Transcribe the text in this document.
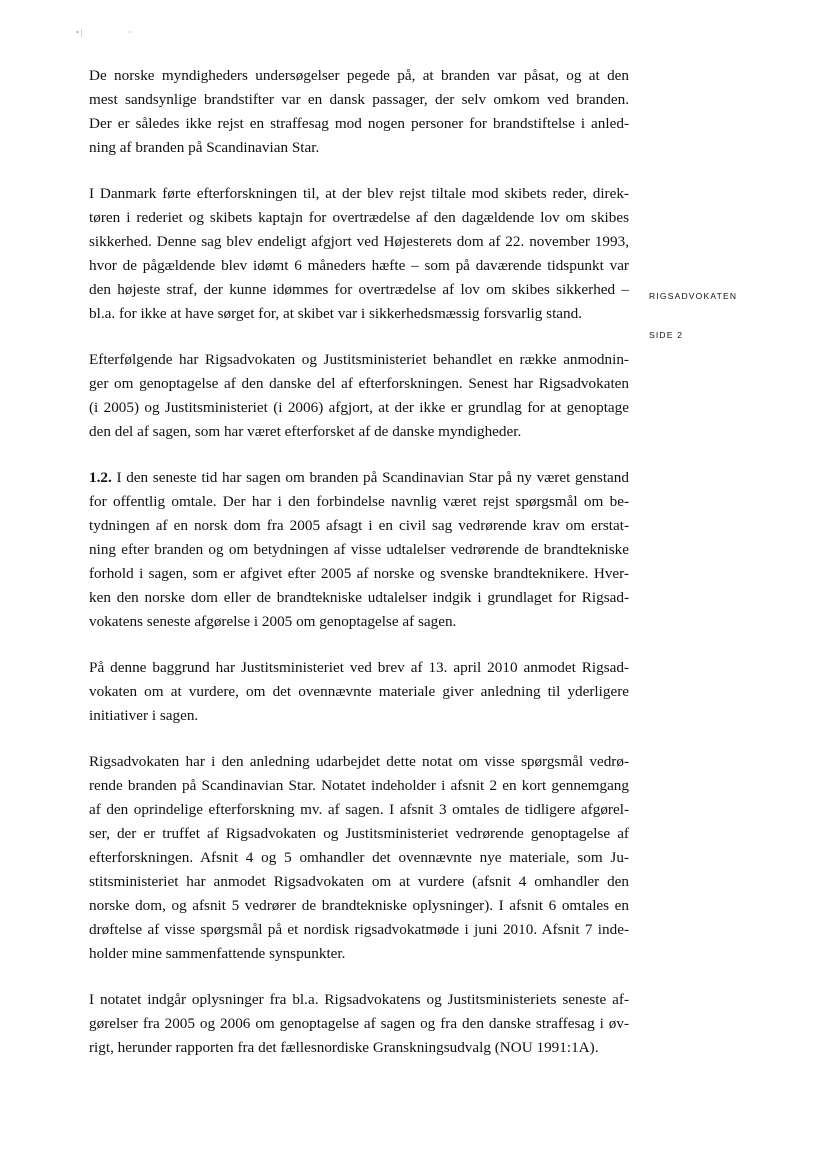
• |	··
RIGSADVOKATEN
SIDE 2

De norske myndigheders undersøgelser pegede på, at branden var påsat, og at den
mest sandsynlige brandstifter var en dansk passager, der selv omkom ved branden.
Der er således ikke rejst en straffesag mod nogen personer for brandstiftelse i anled-
ning af branden på Scandinavian Star.

I Danmark førte efterforskningen til, at der blev rejst tiltale mod skibets reder, direk-
tøren i rederiet og skibets kaptajn for overtrædelse af den dagældende lov om skibes
sikkerhed. Denne sag blev endeligt afgjort ved Højesterets dom af 22. november 1993,
hvor de pågældende blev idømt 6 måneders hæfte – som på daværende tidspunkt var
den højeste straf, der kunne idømmes for overtrædelse af lov om skibes sikkerhed –
bl.a. for ikke at have sørget for, at skibet var i sikkerhedsmæssig forsvarlig stand.

Efterfølgende har Rigsadvokaten og Justitsministeriet behandlet en række anmodnin-
ger om genoptagelse af den danske del af efterforskningen. Senest har Rigsadvokaten
(i 2005) og Justitsministeriet (i 2006) afgjort, at der ikke er grundlag for at genoptage
den del af sagen, som har været efterforsket af de danske myndigheder.

1.2. I den seneste tid har sagen om branden på Scandinavian Star på ny været genstand
for offentlig omtale. Der har i den forbindelse navnlig været rejst spørgsmål om be-
tydningen af en norsk dom fra 2005 afsagt i en civil sag vedrørende krav om erstat-
ning efter branden og om betydningen af visse udtalelser vedrørende de brandtekniske
forhold i sagen, som er afgivet efter 2005 af norske og svenske brandteknikere. Hver-
ken den norske dom eller de brandtekniske udtalelser indgik i grundlaget for Rigsad-
vokatens seneste afgørelse i 2005 om genoptagelse af sagen.

På denne baggrund har Justitsministeriet ved brev af 13. april 2010 anmodet Rigsad-
vokaten om at vurdere, om det ovennævnte materiale giver anledning til yderligere
initiativer i sagen.

Rigsadvokaten har i den anledning udarbejdet dette notat om visse spørgsmål vedrø-
rende branden på Scandinavian Star. Notatet indeholder i afsnit 2 en kort gennemgang
af den oprindelige efterforskning mv. af sagen. I afsnit 3 omtales de tidligere afgørel-
ser, der er truffet af Rigsadvokaten og Justitsministeriet vedrørende genoptagelse af
efterforskningen. Afsnit 4 og 5 omhandler det ovennævnte nye materiale, som Ju-
stitsministeriet har anmodet Rigsadvokaten om at vurdere (afsnit 4 omhandler den
norske dom, og afsnit 5 vedrører de brandtekniske oplysninger). I afsnit 6 omtales en
drøftelse af visse spørgsmål på et nordisk rigsadvokatmøde i juni 2010. Afsnit 7 inde-
holder mine sammenfattende synspunkter.

I notatet indgår oplysninger fra bl.a. Rigsadvokatens og Justitsministeriets seneste af-
gørelser fra 2005 og 2006 om genoptagelse af sagen og fra den danske straffesag i øv-
rigt, herunder rapporten fra det fællesnordiske Granskningsudvalg (NOU 1991:1A).
